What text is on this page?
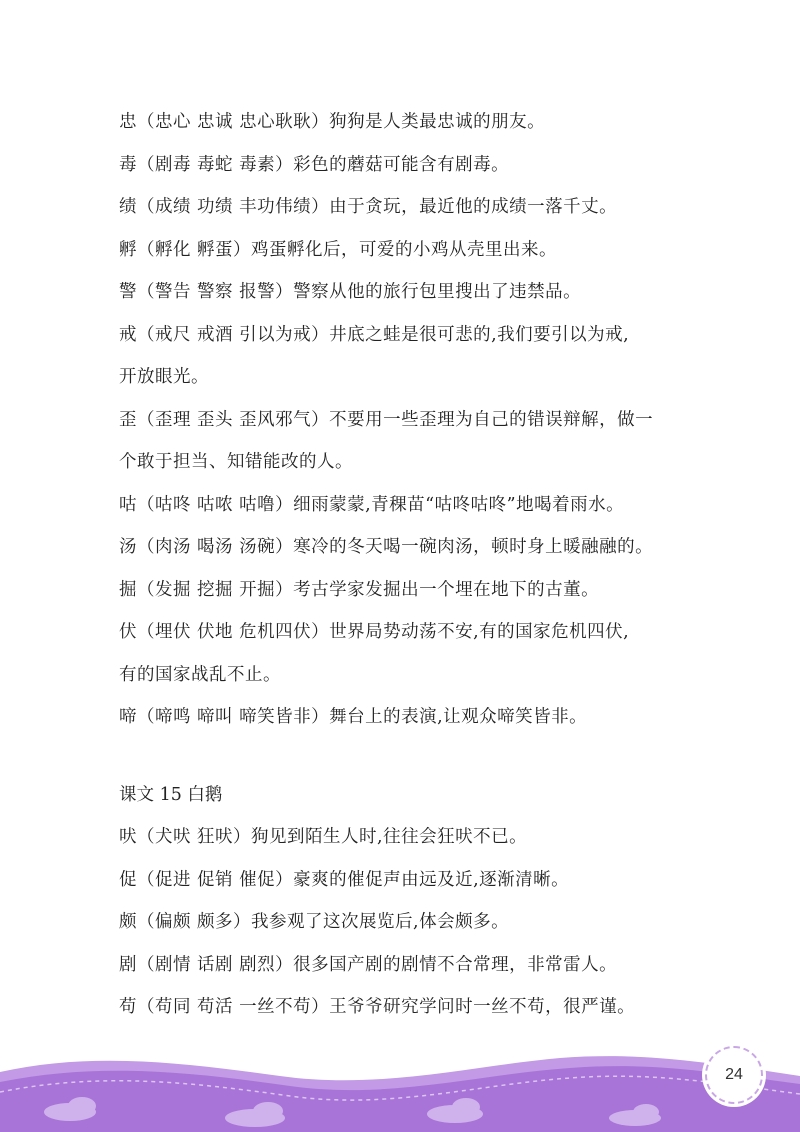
忠（忠心 忠诚 忠心耿耿）狗狗是人类最忠诚的朋友。
毒（剧毒 毒蛇 毒素）彩色的蘑菇可能含有剧毒。
绩（成绩 功绩 丰功伟绩）由于贪玩，最近他的成绩一落千丈。
孵（孵化 孵蛋）鸡蛋孵化后，可爱的小鸡从壳里出来。
警（警告 警察 报警）警察从他的旅行包里搜出了违禁品。
戒（戒尺 戒酒 引以为戒）井底之蛙是很可悲的,我们要引以为戒,
开放眼光。
歪（歪理 歪头 歪风邪气）不要用一些歪理为自己的错误辩解，做一
个敢于担当、知错能改的人。
咕（咕咚 咕哝 咕噜）细雨蒙蒙,青稞苗“咕咚咕咚”地喝着雨水。
汤（肉汤 喝汤 汤碗）寒冷的冬天喝一碗肉汤，顿时身上暖融融的。
掘（发掘 挖掘 开掘）考古学家发掘出一个埋在地下的古董。
伏（埋伏 伏地 危机四伏）世界局势动荡不安,有的国家危机四伏,
有的国家战乱不止。
啼（啼鸣 啼叫 啼笑皆非）舞台上的表演,让观众啼笑皆非。
课文 15 白鹅
吠（犬吠 狂吠）狗见到陌生人时,往往会狂吠不已。
促（促进 促销 催促）豪爽的催促声由远及近,逐渐清晰。
颇（偏颇 颇多）我参观了这次展览后,体会颇多。
剧（剧情 话剧 剧烈）很多国产剧的剧情不合常理，非常雷人。
苟（苟同 苟活 一丝不苟）王爷爷研究学问时一丝不苟，很严谨。
24
